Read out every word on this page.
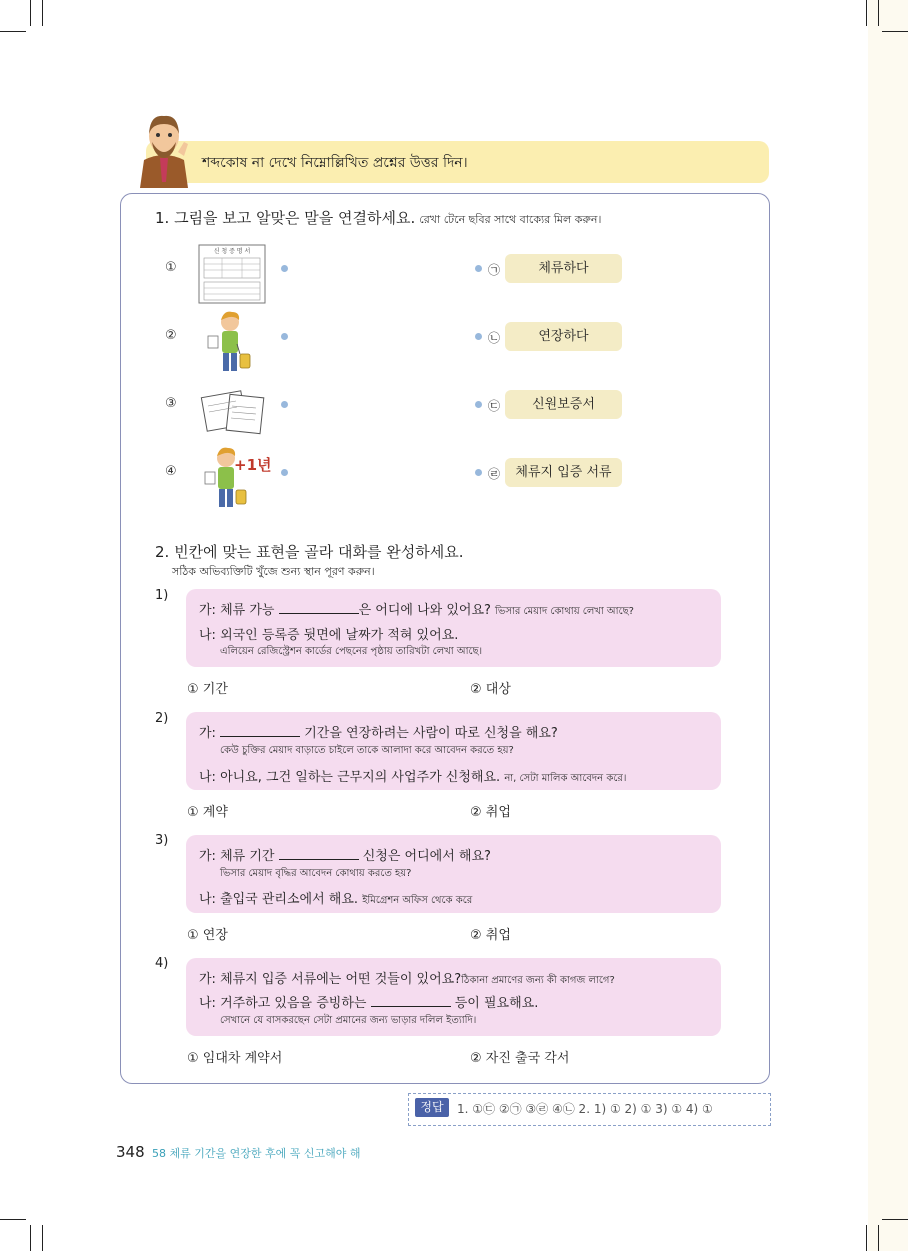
শব্দকোষ না দেখে নিম্নোল্লিখিত প্রশ্নের উত্তর দিন।
1. 그림을 보고 알맞은 말을 연결하세요. রেখা টেনে ছবির সাথে বাক্যের মিল করুন।
①
②
③
④
신 청 증 명 서
+1년
㉠
㉡
㉢
㉣
체류하다
연장하다
신원보증서
체류지 입증 서류
2. 빈칸에 맞는 표현을 골라 대화를 완성하세요.
সঠিক অভিব্যক্তিটি খুঁজে শুন্য স্থান পূরণ করুন।
1)
가: 체류 가능	은 어디에 나와 있어요? ভিসার মেয়াদ কোথায় লেখা আছে?
나: 외국인 등록증 뒷면에 날짜가 적혀 있어요.
এলিয়েন রেজিস্ট্রেশন কার্ডের পেছনের পৃষ্ঠায় তারিখটা লেখা আছে।
① 기간	② 대상
2)
가:	기간을 연장하려는 사람이 따로 신청을 해요?
কেউ চুক্তির মেয়াদ বাড়াতে চাইলে তাকে আলাদা করে আবেদন করতে হয়?
나: 아니요, 그건 일하는 근무지의 사업주가 신청해요. না, সেটা মালিক আবেদন করে।
① 계약	② 취업
3)
가: 체류 기간	신청은 어디에서 해요?
ভিসার মেয়াদ বৃদ্ধির আবেদন কোথায় করতে হয়?
나: 출입국 관리소에서 해요. ইমিগ্রেশন অফিস থেকে করে
① 연장	② 취업
4)
가: 체류지 입증 서류에는 어떤 것들이 있어요?ঠিকানা প্রমাণের জন্য কী কাগজ লাগে?
나: 거주하고 있음을 증빙하는	등이 필요해요.
সেখানে যে বাসকরছেন সেটা প্রমানের জন্য ভাড়ার দলিল ইত্যাদি।
① 임대차 계약서	② 자진 출국 각서
정답	1. ①㉢ ②㉠ ③㉣ ④㉡ 2. 1) ① 2) ① 3) ① 4) ①
348 58 체류 기간을 연장한 후에 꼭 신고해야 해
